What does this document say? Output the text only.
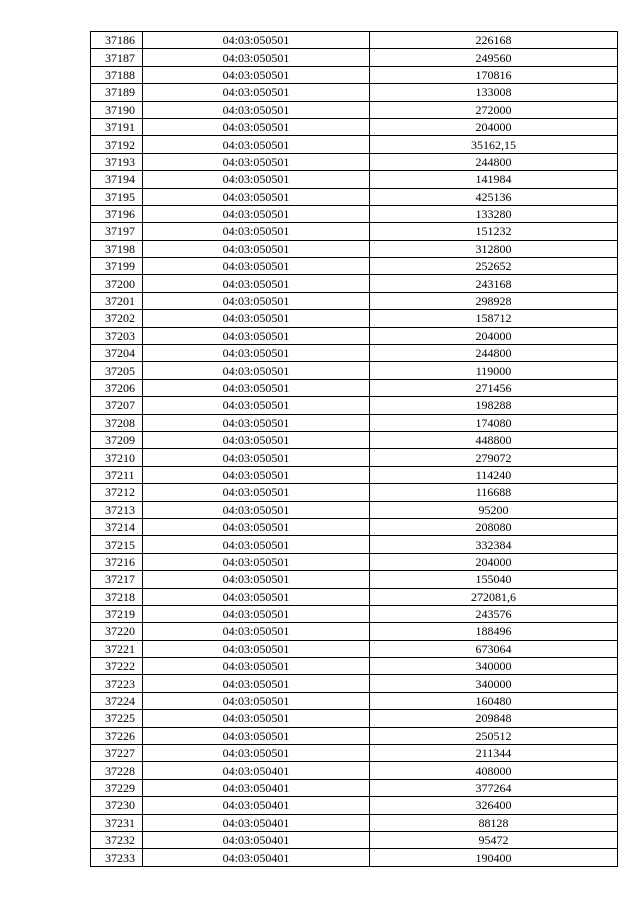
37186	04:03:050501	226168
37187	04:03:050501	249560
37188	04:03:050501	170816
37189	04:03:050501	133008
37190	04:03:050501	272000
37191	04:03:050501	204000
37192	04:03:050501	35162,15
37193	04:03:050501	244800
37194	04:03:050501	141984
37195	04:03:050501	425136
37196	04:03:050501	133280
37197	04:03:050501	151232
37198	04:03:050501	312800
37199	04:03:050501	252652
37200	04:03:050501	243168
37201	04:03:050501	298928
37202	04:03:050501	158712
37203	04:03:050501	204000
37204	04:03:050501	244800
37205	04:03:050501	119000
37206	04:03:050501	271456
37207	04:03:050501	198288
37208	04:03:050501	174080
37209	04:03:050501	448800
37210	04:03:050501	279072
37211	04:03:050501	114240
37212	04:03:050501	116688
37213	04:03:050501	95200
37214	04:03:050501	208080
37215	04:03:050501	332384
37216	04:03:050501	204000
37217	04:03:050501	155040
37218	04:03:050501	272081,6
37219	04:03:050501	243576
37220	04:03:050501	188496
37221	04:03:050501	673064
37222	04:03:050501	340000
37223	04:03:050501	340000
37224	04:03:050501	160480
37225	04:03:050501	209848
37226	04:03:050501	250512
37227	04:03:050501	211344
37228	04:03:050401	408000
37229	04:03:050401	377264
37230	04:03:050401	326400
37231	04:03:050401	88128
37232	04:03:050401	95472
37233	04:03:050401	190400
